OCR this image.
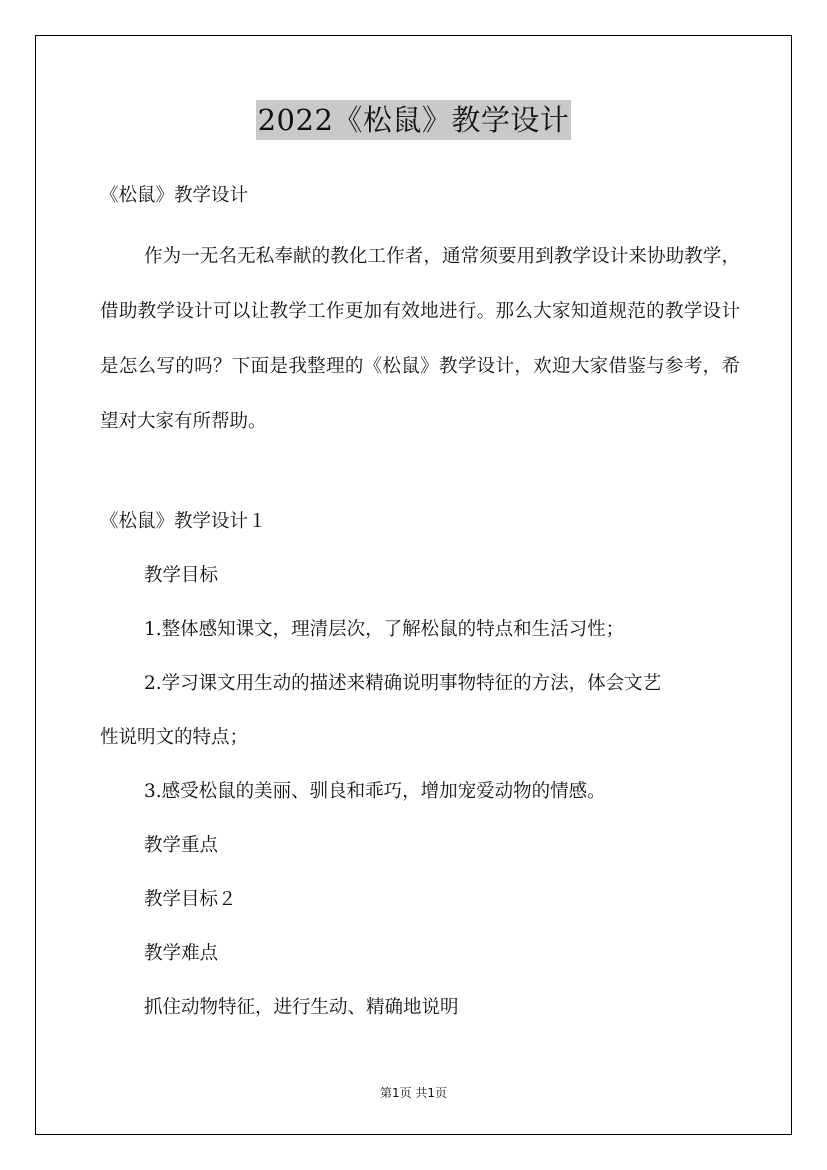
2022《松鼠》教学设计

《松鼠》教学设计

作为一无名无私奉献的教化工作者，通常须要用到教学设计来协助教学，借助教学设计可以让教学工作更加有效地进行。那么大家知道规范的教学设计是怎么写的吗？下面是我整理的《松鼠》教学设计，欢迎大家借鉴与参考，希望对大家有所帮助。

《松鼠》教学设计１

教学目标

1.整体感知课文，理清层次，了解松鼠的特点和生活习性；

2.学习课文用生动的描述来精确说明事物特征的方法，体会文艺

性说明文的特点；

3.感受松鼠的美丽、驯良和乖巧，增加宠爱动物的情感。

教学重点

教学目标２

教学难点

抓住动物特征，进行生动、精确地说明

第1页 共1页
